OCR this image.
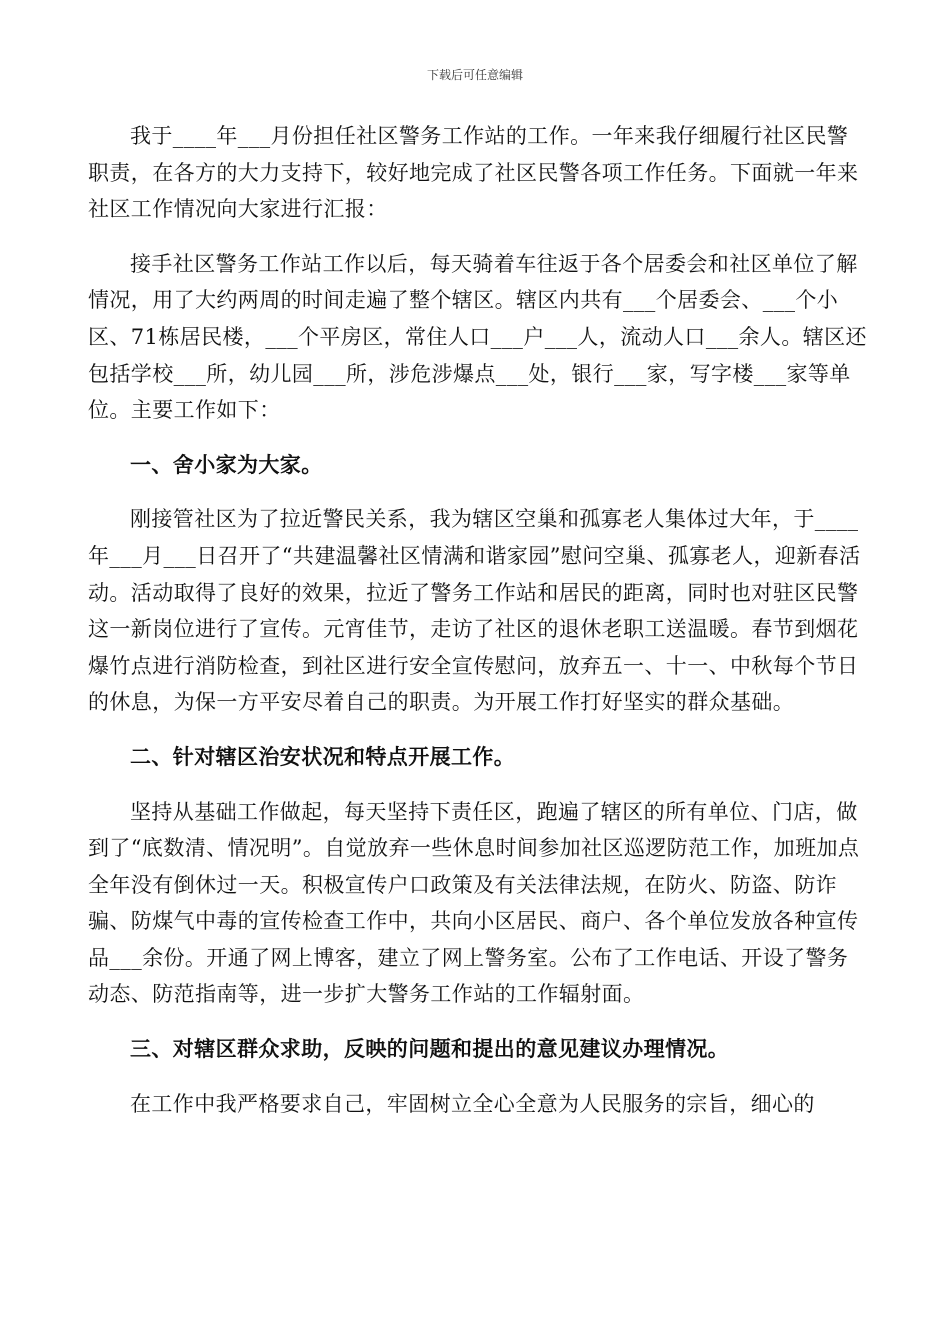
下载后可任意编辑

我于____年___月份担任社区警务工作站的工作。一年来我仔细履行社区民警职责，在各方的大力支持下，较好地完成了社区民警各项工作任务。下面就一年来社区工作情况向大家进行汇报：

接手社区警务工作站工作以后，每天骑着车往返于各个居委会和社区单位了解情况，用了大约两周的时间走遍了整个辖区。辖区内共有___个居委会、___个小区、71栋居民楼，___个平房区，常住人口___户___人，流动人口___余人。辖区还包括学校___所，幼儿园___所，涉危涉爆点___处，银行___家，写字楼___家等单位。主要工作如下：

一、舍小家为大家。

刚接管社区为了拉近警民关系，我为辖区空巢和孤寡老人集体过大年，于____年___月___日召开了“共建温馨社区情满和谐家园”慰问空巢、孤寡老人，迎新春活动。活动取得了良好的效果，拉近了警务工作站和居民的距离，同时也对驻区民警这一新岗位进行了宣传。元宵佳节，走访了社区的退休老职工送温暖。春节到烟花爆竹点进行消防检查，到社区进行安全宣传慰问，放弃五一、十一、中秋每个节日的休息，为保一方平安尽着自己的职责。为开展工作打好坚实的群众基础。

二、针对辖区治安状况和特点开展工作。

坚持从基础工作做起，每天坚持下责任区，跑遍了辖区的所有单位、门店，做到了“底数清、情况明”。自觉放弃一些休息时间参加社区巡逻防范工作，加班加点全年没有倒休过一天。积极宣传户口政策及有关法律法规，在防火、防盗、防诈骗、防煤气中毒的宣传检查工作中，共向小区居民、商户、各个单位发放各种宣传品___余份。开通了网上博客，建立了网上警务室。公布了工作电话、开设了警务动态、防范指南等，进一步扩大警务工作站的工作辐射面。

三、对辖区群众求助，反映的问题和提出的意见建议办理情况。

在工作中我严格要求自己，牢固树立全心全意为人民服务的宗旨，细心的
